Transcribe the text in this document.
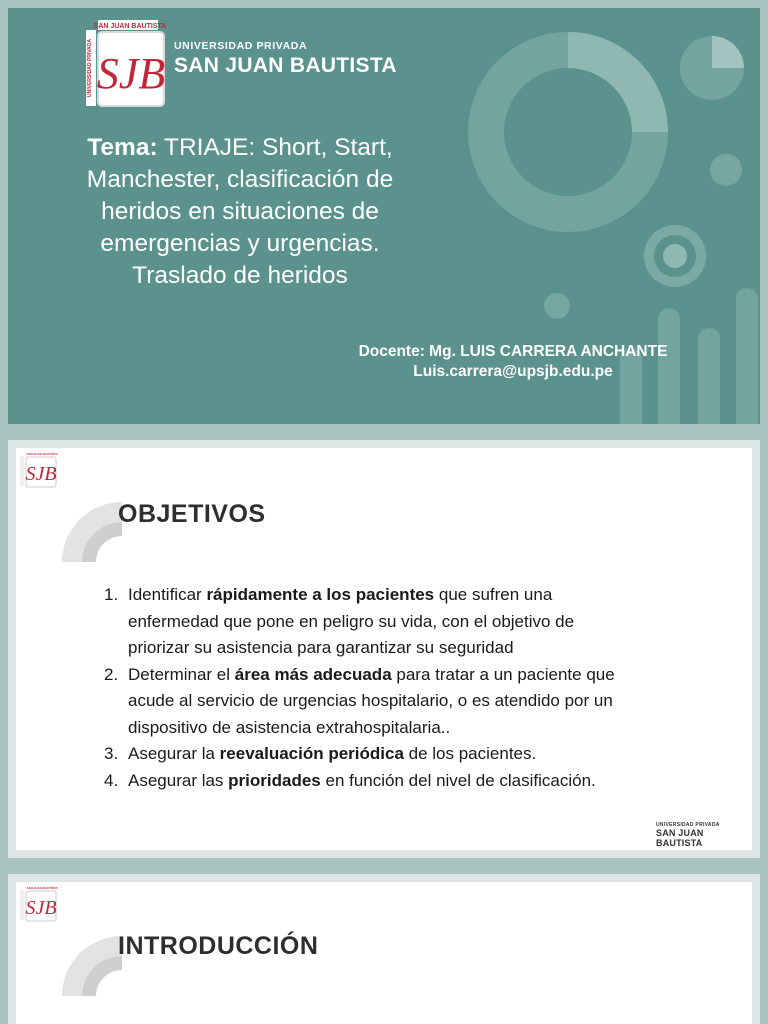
UNIVERSIDAD PRIVADA
SAN JUAN BAUTISTA
SJB
UNIVERSIDAD PRIVADA
SAN JUAN BAUTISTA
Tema: TRIAJE: Short, Start,
Manchester, clasificación de
heridos en situaciones de
emergencias y urgencias.
Traslado de heridos
Docente: Mg. LUIS CARRERA ANCHANTE
Luis.carrera@upsjb.edu.pe
SAN JUAN BAUTISTA
SJB
OBJETIVOS
1. Identificar rápidamente a los pacientes que sufren una
enfermedad que pone en peligro su vida, con el objetivo de
priorizar su asistencia para garantizar su seguridad
2. Determinar el área más adecuada para tratar a un paciente que
acude al servicio de urgencias hospitalario, o es atendido por un
dispositivo de asistencia extrahospitalaria..
3. Asegurar la reevaluación periódica de los pacientes.
4. Asegurar las prioridades en función del nivel de clasificación.
UNIVERSIDAD PRIVADA
SAN JUAN BAUTISTA
SAN JUAN BAUTISTA
SJB
INTRODUCCIÓN
